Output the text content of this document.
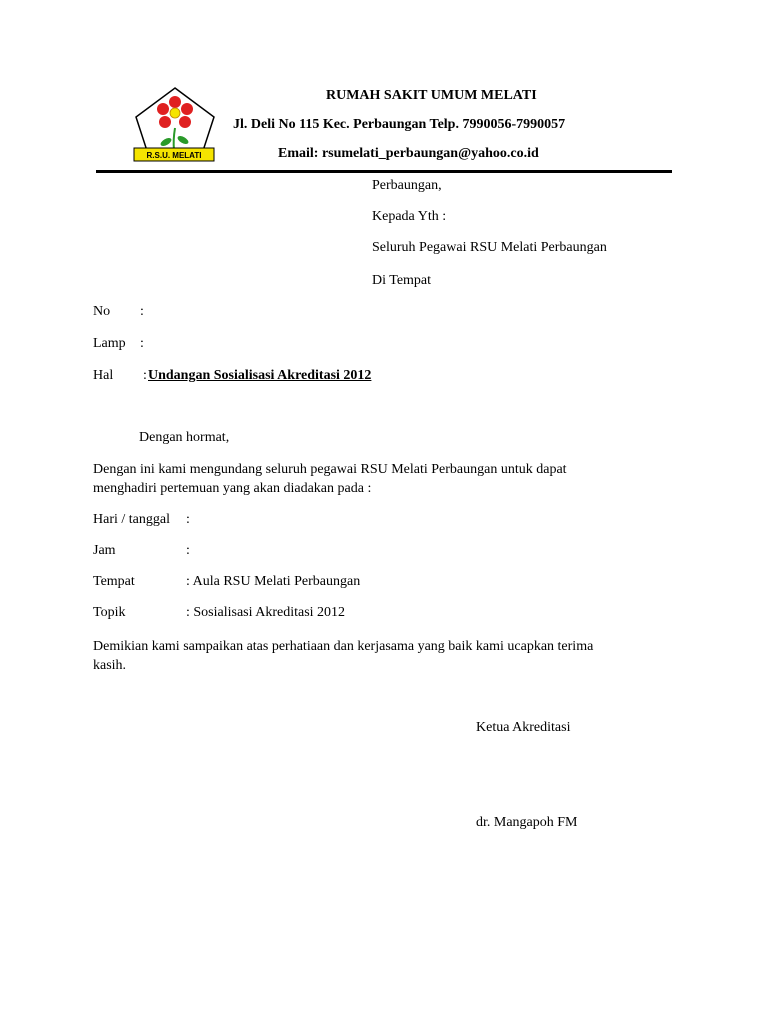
R.S.U. MELATI
RUMAH SAKIT UMUM MELATI
Jl. Deli No 115 Kec. Perbaungan Telp. 7990056-7990057
Email: rsumelati_perbaungan@yahoo.co.id
Perbaungan,
Kepada Yth :
Seluruh Pegawai RSU Melati Perbaungan
Di Tempat
No :
Lamp :
Hal : Undangan Sosialisasi Akreditasi 2012
Dengan hormat,
Dengan ini kami mengundang seluruh pegawai RSU Melati Perbaungan untuk dapat
menghadiri pertemuan yang akan diadakan pada :
Hari / tanggal :
Jam	:
Tempat	: Aula RSU Melati Perbaungan
Topik	: Sosialisasi Akreditasi 2012
Demikian kami sampaikan atas perhatiaan dan kerjasama yang baik kami ucapkan terima
kasih.
Ketua Akreditasi
dr. Mangapoh FM
